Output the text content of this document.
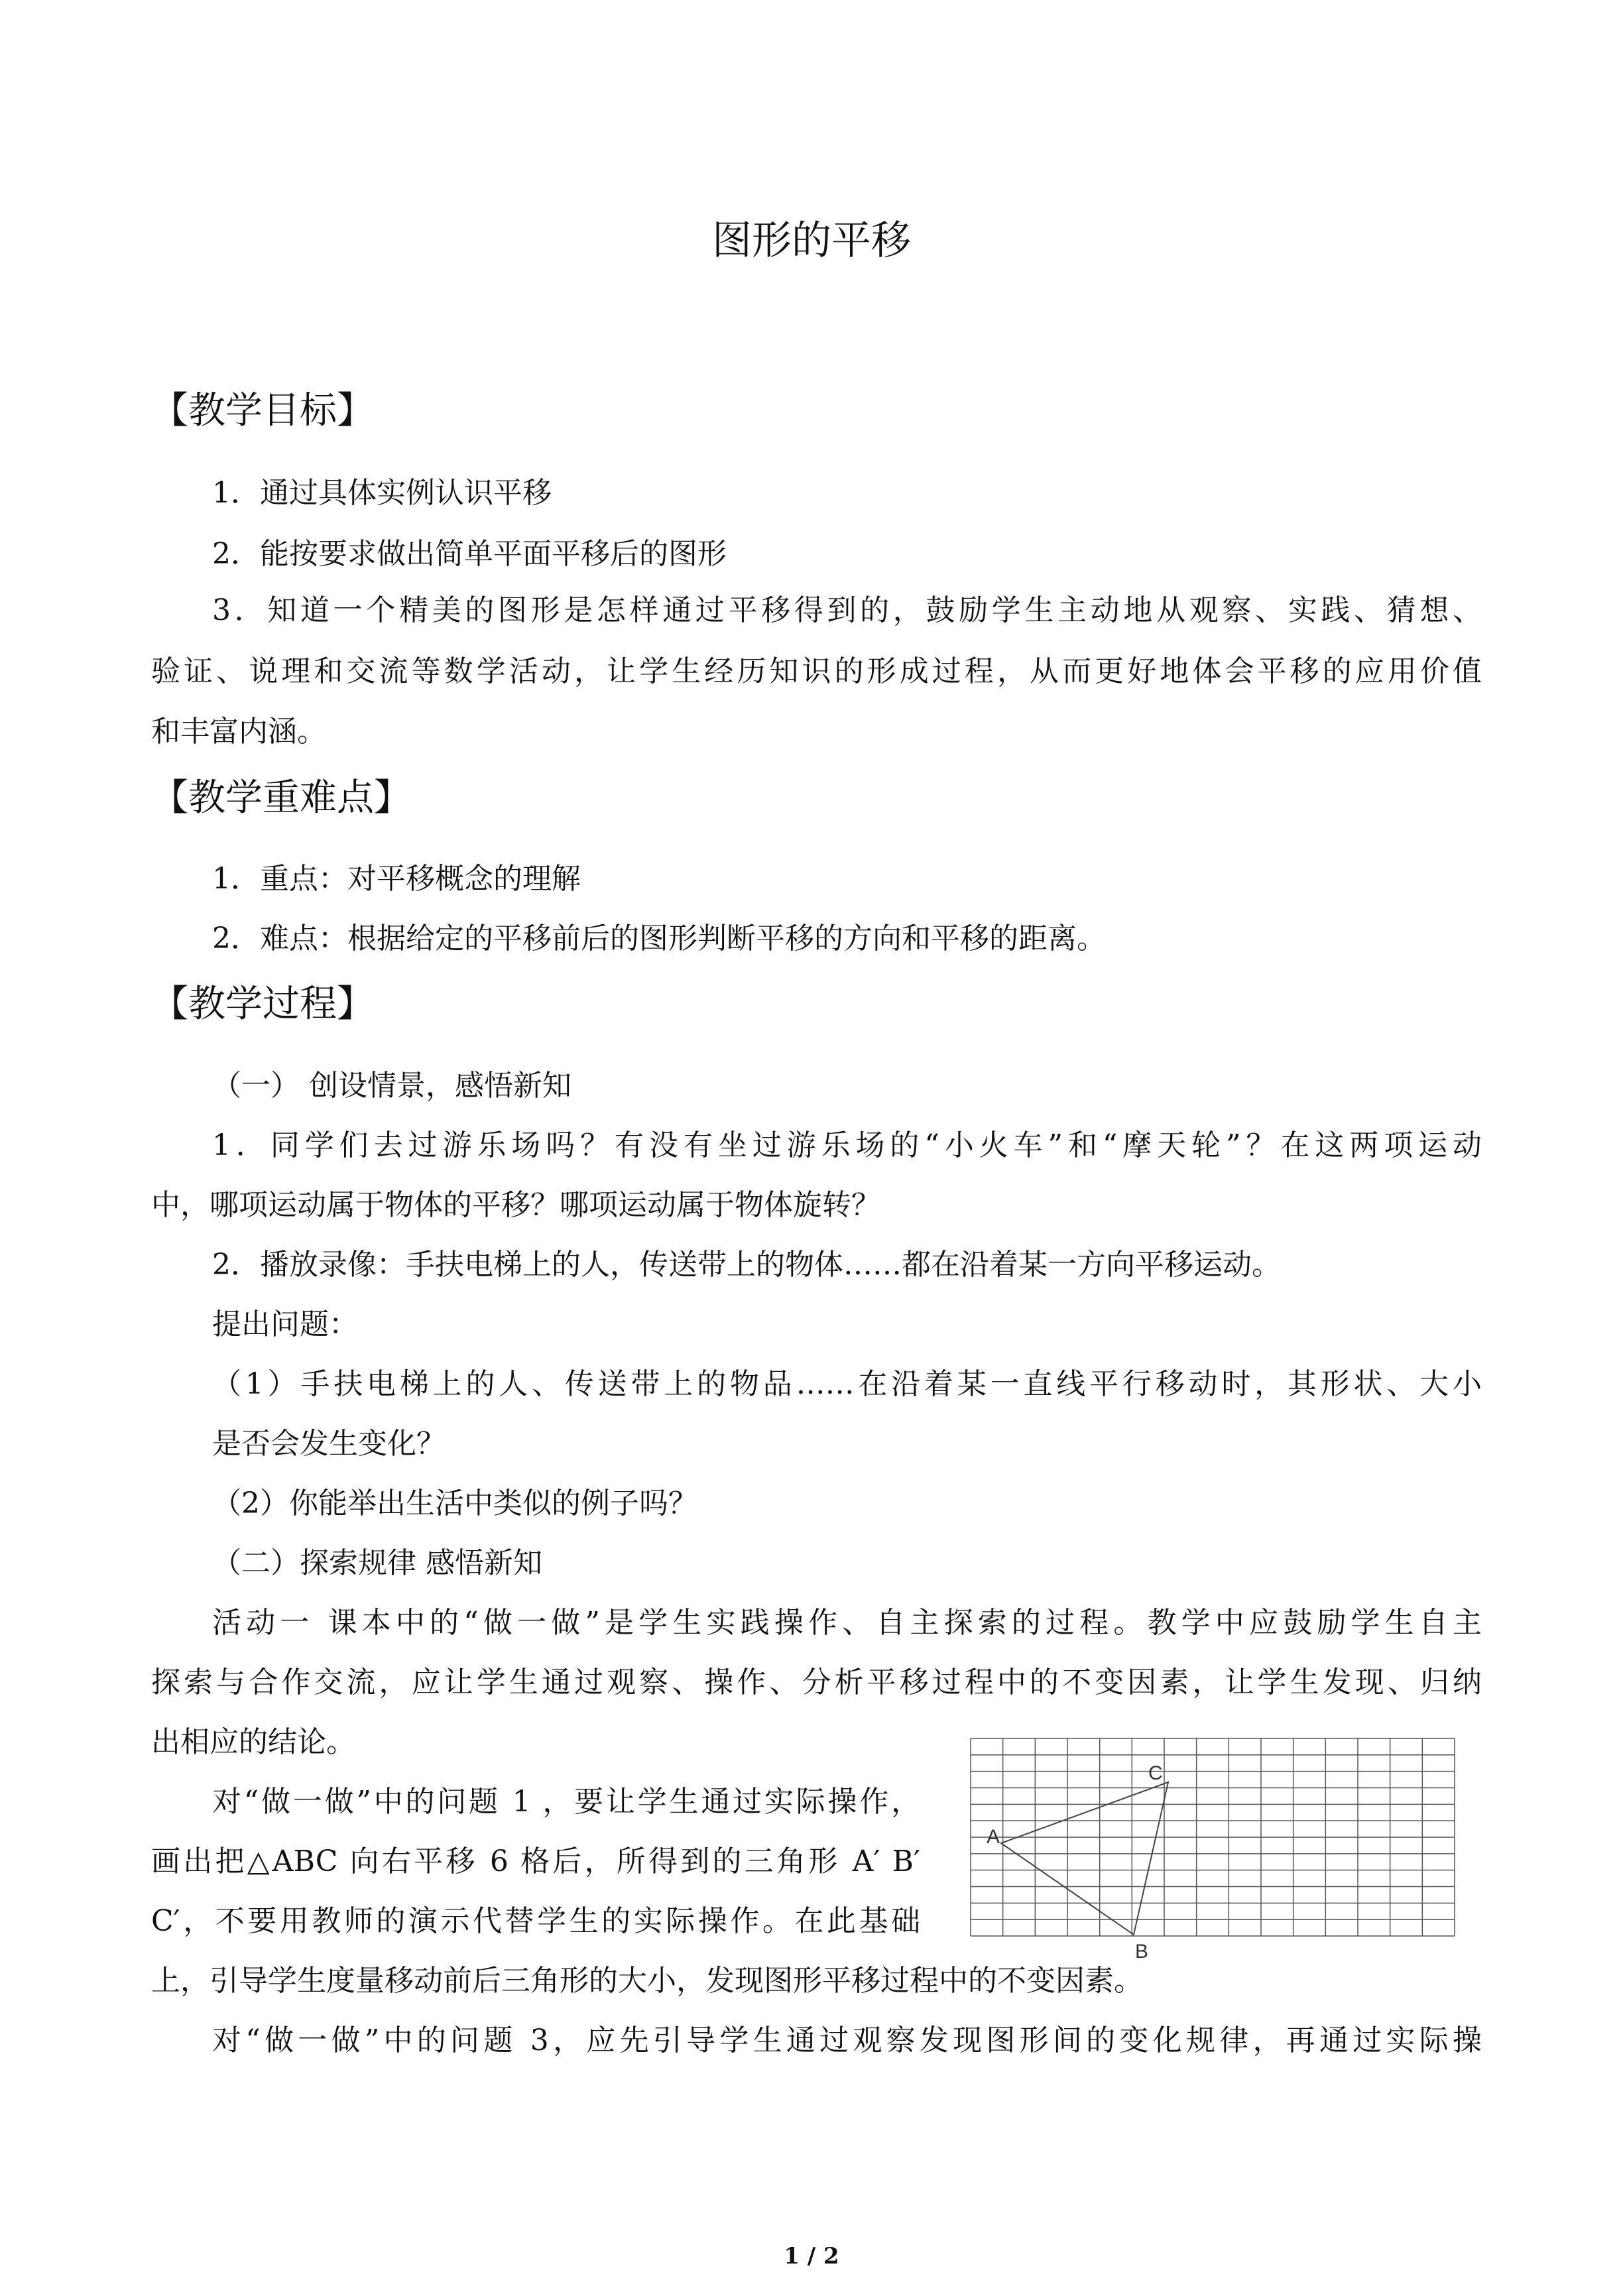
图形的平移
【教学目标】
1．通过具体实例认识平移
2．能按要求做出简单平面平移后的图形
3．知道一个精美的图形是怎样通过平移得到的，鼓励学生主动地从观察、实践、猜想、
验证、说理和交流等数学活动，让学生经历知识的形成过程，从而更好地体会平移的应用价值
和丰富内涵。
【教学重难点】
1．重点：对平移概念的理解
2．难点：根据给定的平移前后的图形判断平移的方向和平移的距离。
【教学过程】
（一） 创设情景，感悟新知
1．同学们去过游乐场吗？有没有坐过游乐场的“小火车”和“摩天轮”？在这两项运动
中，哪项运动属于物体的平移？哪项运动属于物体旋转？
2．播放录像：手扶电梯上的人，传送带上的物体……都在沿着某一方向平移运动。
提出问题：
（1）手扶电梯上的人、传送带上的物品……在沿着某一直线平行移动时，其形状、大小
是否会发生变化？
（2）你能举出生活中类似的例子吗？
（二）探索规律 感悟新知
活动一 课本中的“做一做”是学生实践操作、自主探索的过程。教学中应鼓励学生自主
探索与合作交流，应让学生通过观察、操作、分析平移过程中的不变因素，让学生发现、归纳
出相应的结论。
对“做一做”中的问题 1 ，要让学生通过实际操作，
画出把△ABC 向右平移 6 格后，所得到的三角形 A′ B′
C′，不要用教师的演示代替学生的实际操作。在此基础
上，引导学生度量移动前后三角形的大小，发现图形平移过程中的不变因素。
对“做一做”中的问题 3，应先引导学生通过观察发现图形间的变化规律，再通过实际操
A
B
C
1 / 2
